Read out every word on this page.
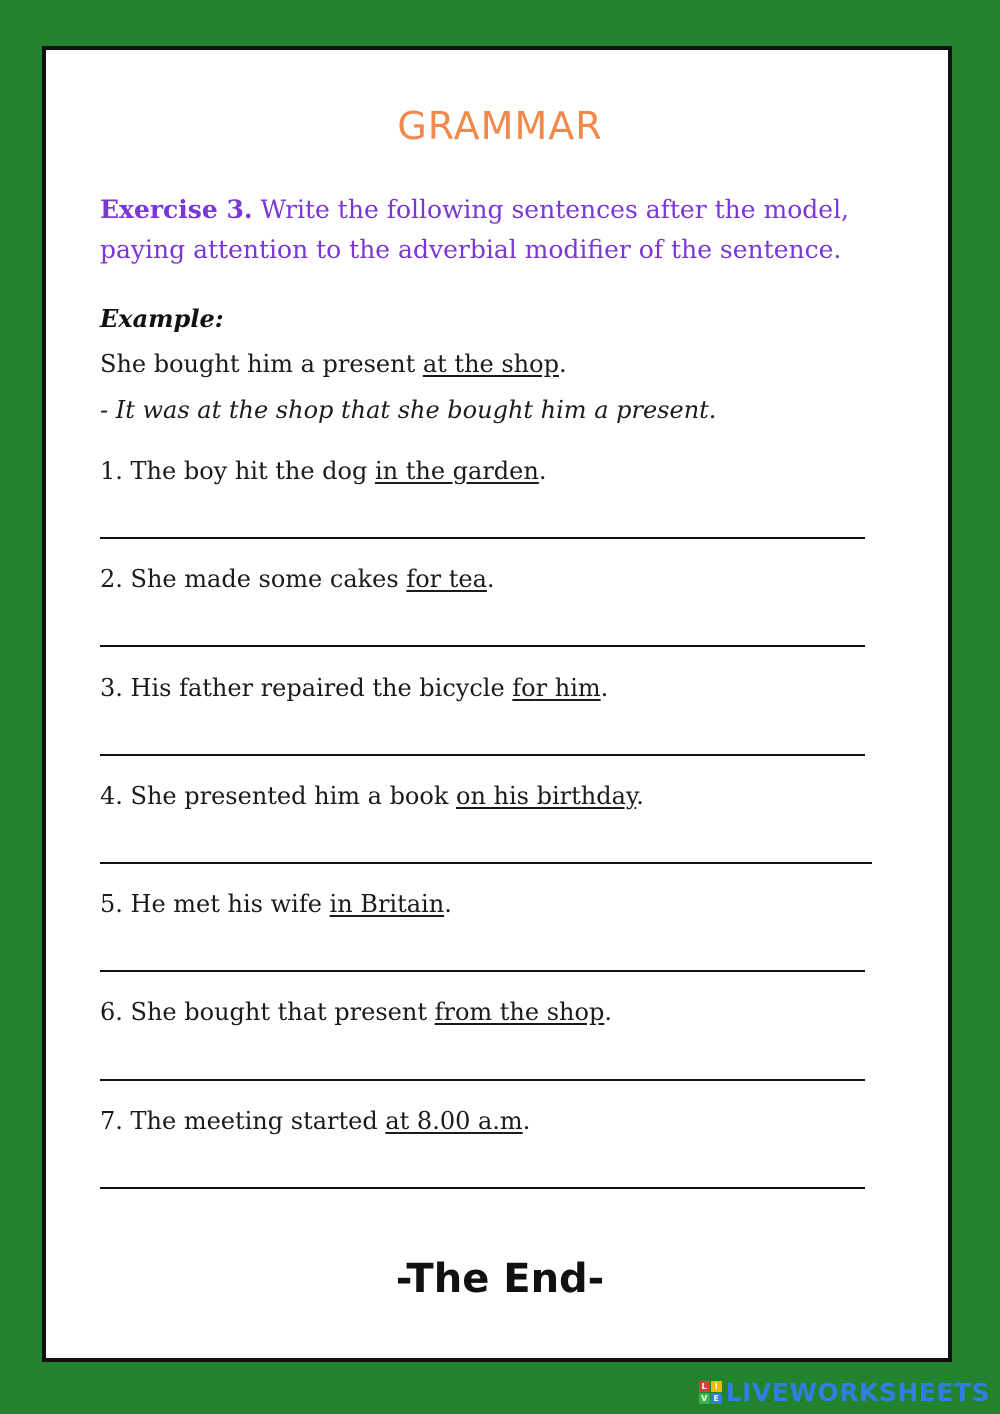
GRAMMAR
Exercise 3. Write the following sentences after the model,
paying attention to the adverbial modifier of the sentence.
Example:
She bought him a present at the shop.
- It was at the shop that she bought him a present.
1. The boy hit the dog in the garden.
2. She made some cakes for tea.
3. His father repaired the bicycle for him.
4. She presented him a book on his birthday.
5. He met his wife in Britain.
6. She bought that present from the shop.
7. The meeting started at 8.00 a.m.
-The End-
L I
V E LIVEWORKSHEETS
